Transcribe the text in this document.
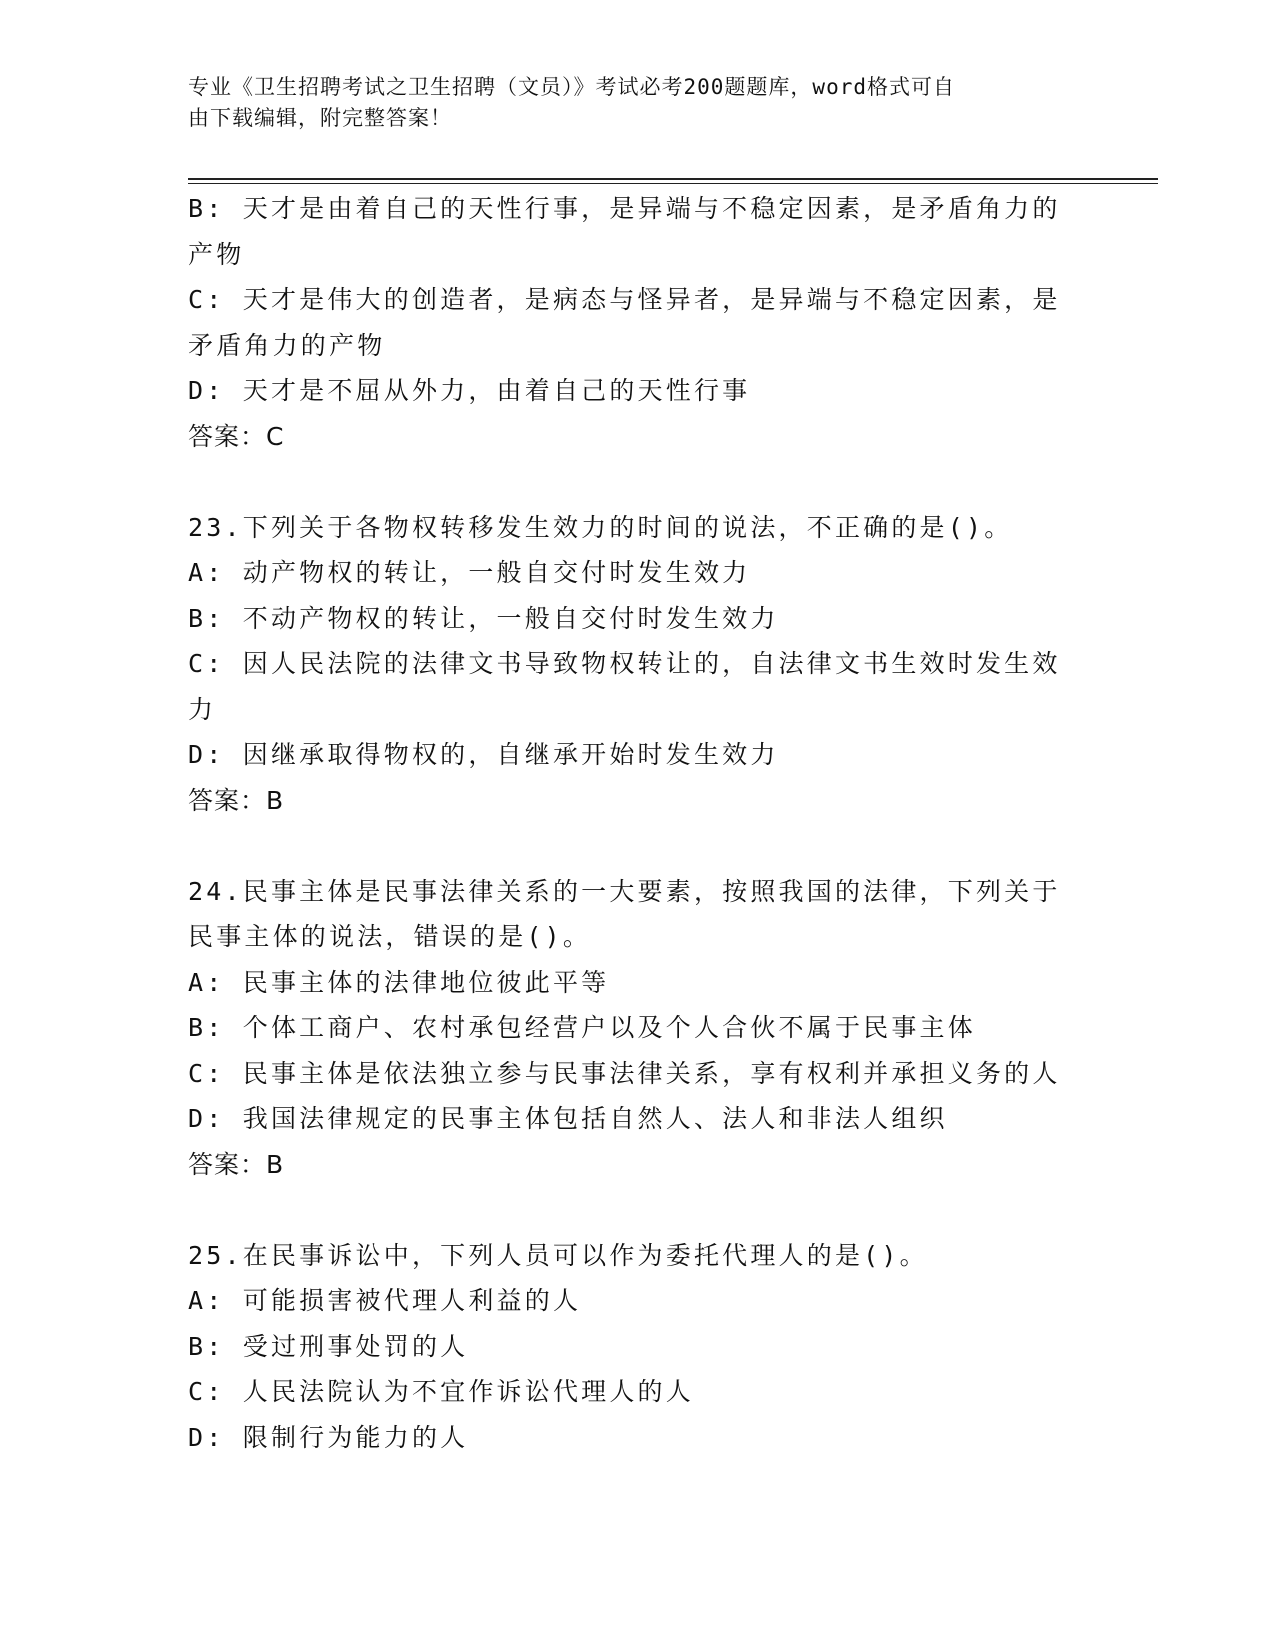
专业《卫生招聘考试之卫生招聘（文员）》考试必考200题题库，word格式可自
由下载编辑，附完整答案！
B: 天才是由着自己的天性行事，是异端与不稳定因素，是矛盾角力的
产物
C: 天才是伟大的创造者，是病态与怪异者，是异端与不稳定因素，是
矛盾角力的产物
D: 天才是不屈从外力，由着自己的天性行事
答案：C
23.下列关于各物权转移发生效力的时间的说法，不正确的是()。
A: 动产物权的转让，一般自交付时发生效力
B: 不动产物权的转让，一般自交付时发生效力
C: 因人民法院的法律文书导致物权转让的，自法律文书生效时发生效
力
D: 因继承取得物权的，自继承开始时发生效力
答案：B
24.民事主体是民事法律关系的一大要素，按照我国的法律，下列关于
民事主体的说法，错误的是()。
A: 民事主体的法律地位彼此平等
B: 个体工商户、农村承包经营户以及个人合伙不属于民事主体
C: 民事主体是依法独立参与民事法律关系，享有权利并承担义务的人
D: 我国法律规定的民事主体包括自然人、法人和非法人组织
答案：B
25.在民事诉讼中，下列人员可以作为委托代理人的是()。
A: 可能损害被代理人利益的人
B: 受过刑事处罚的人
C: 人民法院认为不宜作诉讼代理人的人
D: 限制行为能力的人
